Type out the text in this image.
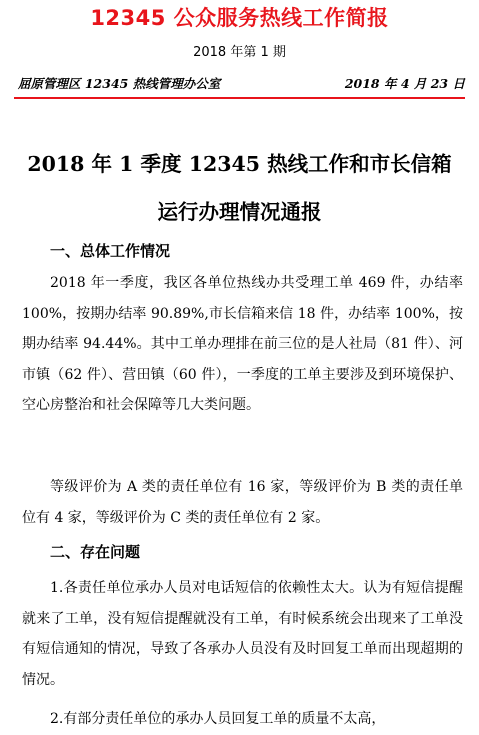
12345 公众服务热线工作简报
2018 年第 1 期
屈原管理区 12345 热线管理办公室	2018 年 4 月 23 日
2018 年 1 季度 12345 热线工作和市长信箱
运行办理情况通报
一、总体工作情况
2018 年一季度，我区各单位热线办共受理工单 469 件，办结率 100%，按期办结率 90.89%,市长信箱来信 18 件，办结率 100%，按期办结率 94.44%。其中工单办理排在前三位的是人社局（81 件）、河市镇（62 件）、营田镇（60 件），一季度的工单主要涉及到环境保护、空心房整治和社会保障等几大类问题。
等级评价为 A 类的责任单位有 16 家，等级评价为 B 类的责任单位有 4 家，等级评价为 C 类的责任单位有 2 家。
二、存在问题
1.各责任单位承办人员对电话短信的依赖性太大。认为有短信提醒就来了工单，没有短信提醒就没有工单，有时候系统会出现来了工单没有短信通知的情况，导致了各承办人员没有及时回复工单而出现超期的情况。
2.有部分责任单位的承办人员回复工单的质量不太高，
